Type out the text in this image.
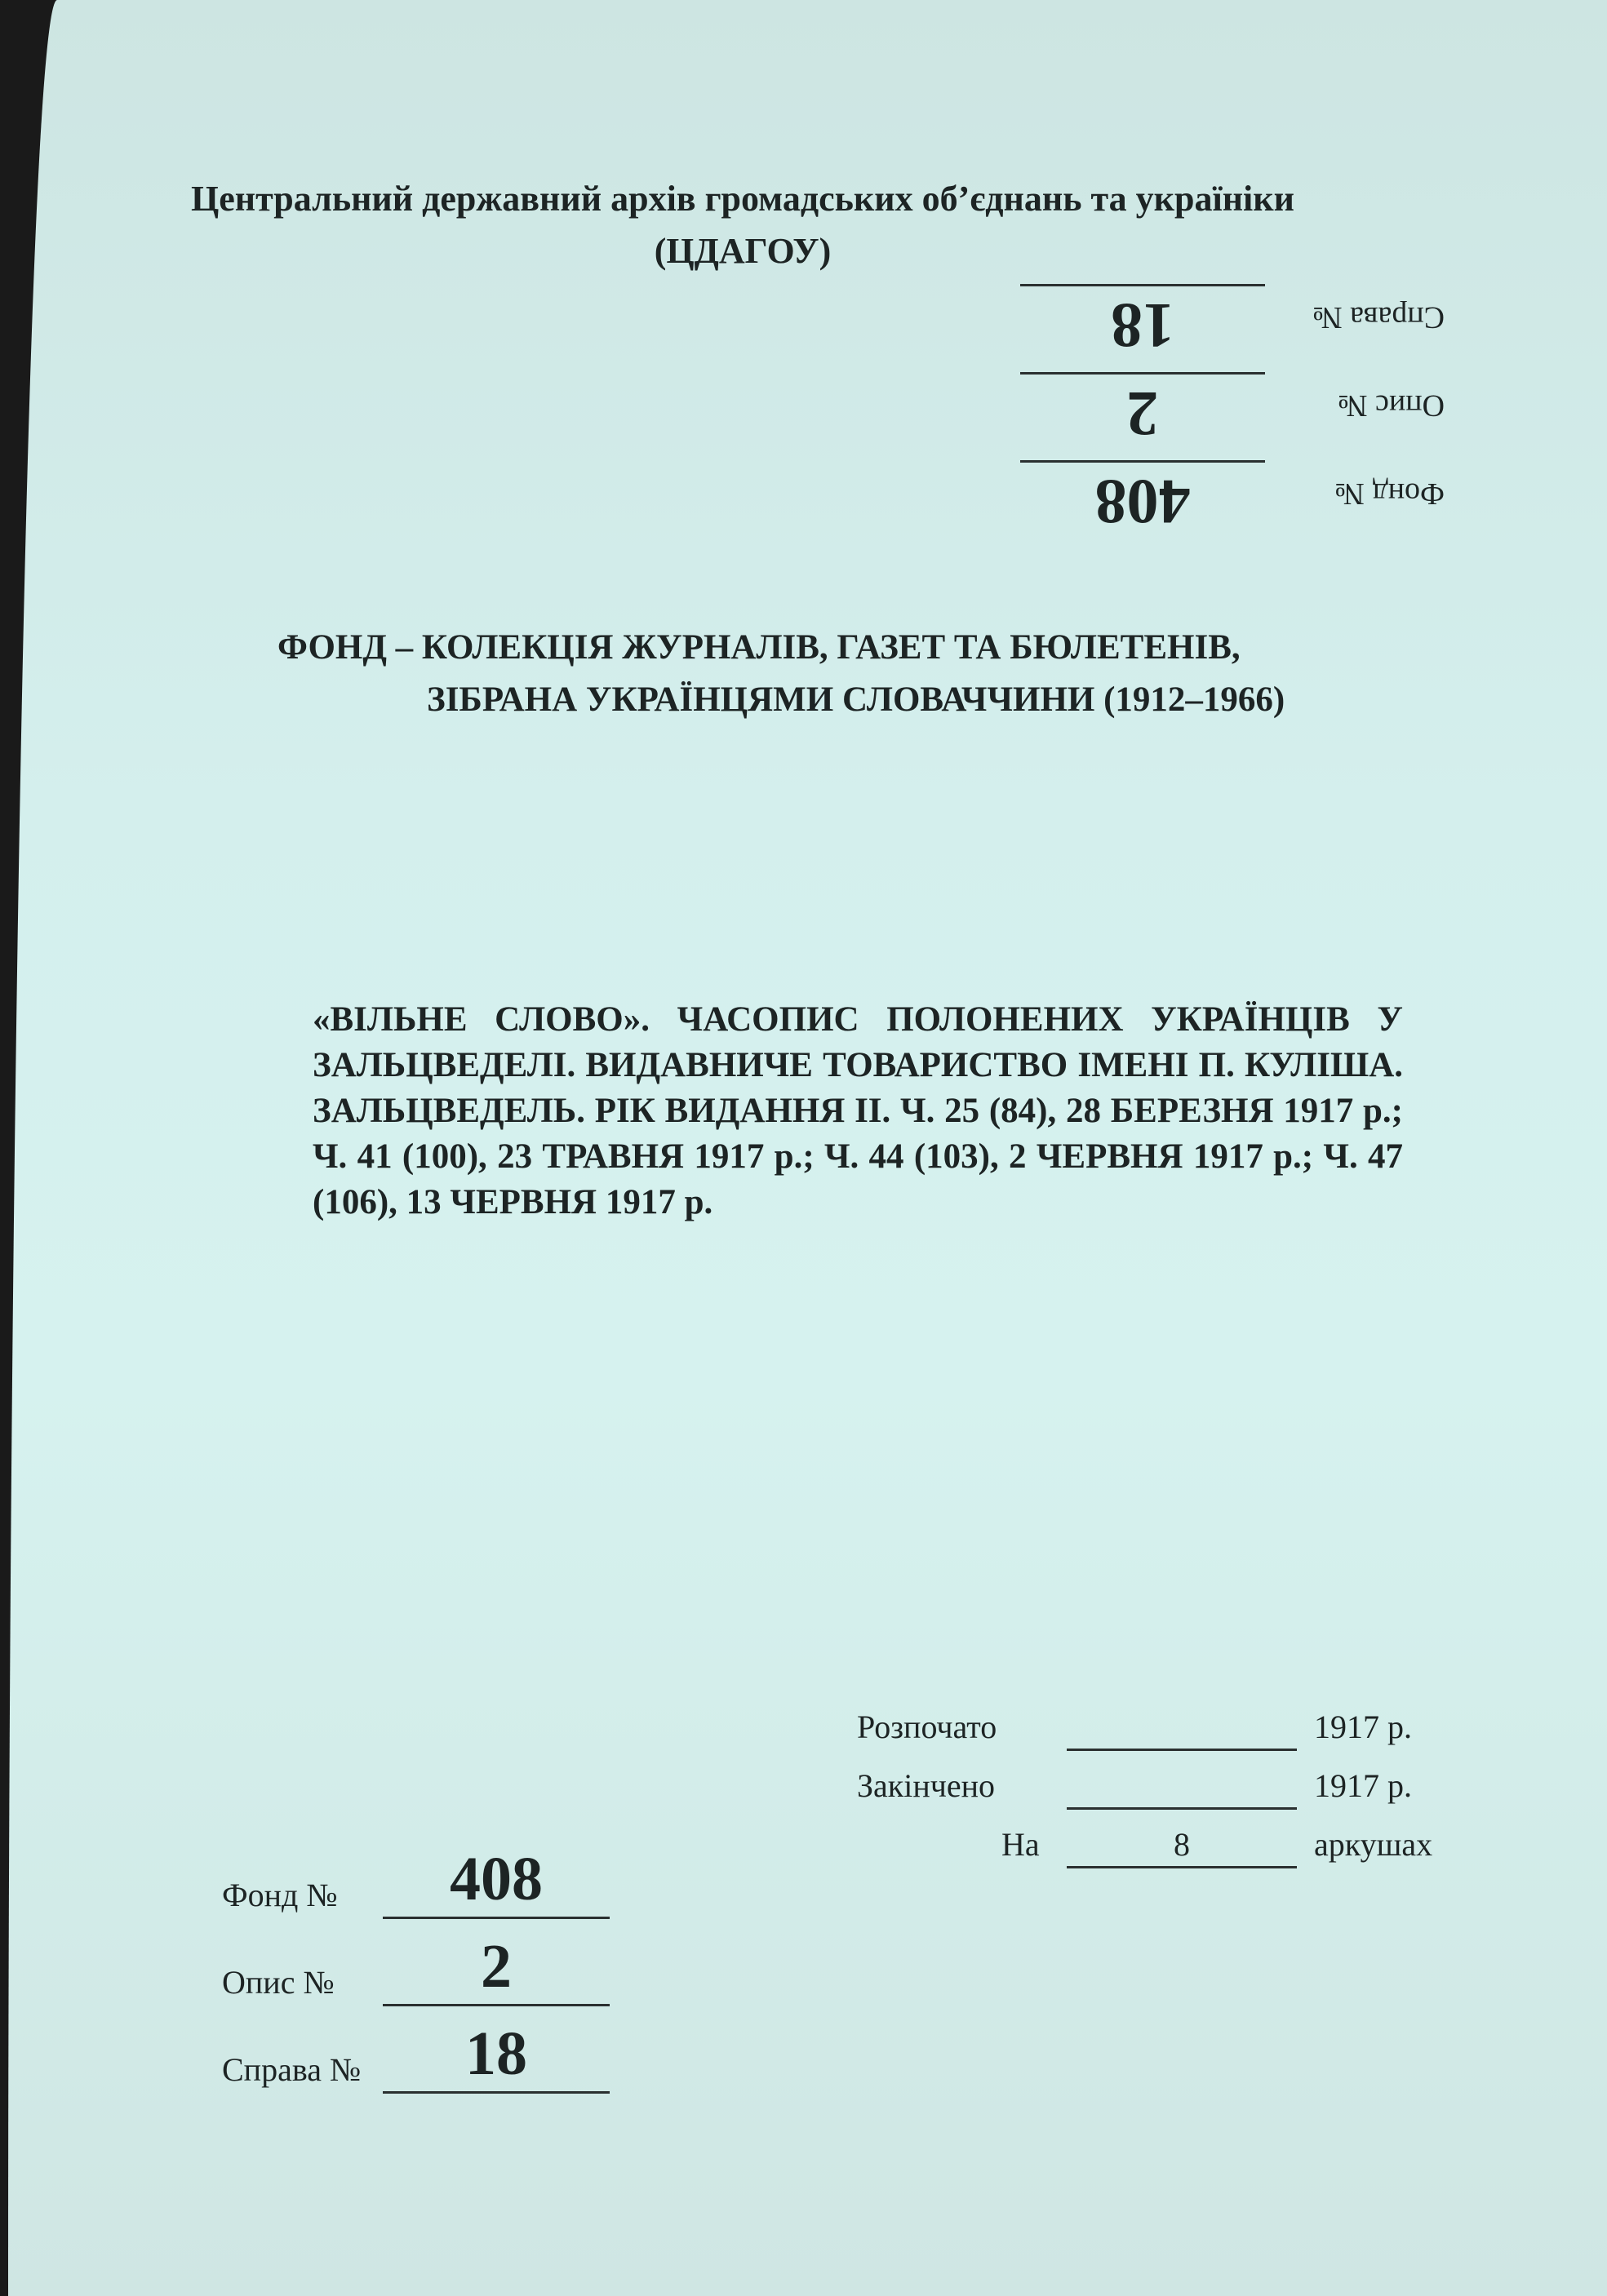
Центральний державний архів громадських об’єднань та україніки
(ЦДАГОУ)
Фонд №
408
Опис №
2
Справа №
18
ФОНД – КОЛЕКЦІЯ ЖУРНАЛІВ, ГАЗЕТ ТА БЮЛЕТЕНІВ,
ЗІБРАНА УКРАЇНЦЯМИ СЛОВАЧЧИНИ (1912–1966)
«ВІЛЬНЕ СЛОВО». ЧАСОПИС ПОЛОНЕНИХ УКРАЇНЦІВ У ЗАЛЬЦВЕДЕЛІ. ВИДАВНИЧЕ ТОВАРИСТВО ІМЕНІ П. КУЛІША. ЗАЛЬЦВЕДЕЛЬ. РІК ВИДАННЯ ІІ. Ч. 25 (84), 28 БЕРЕЗНЯ 1917 р.; Ч. 41 (100), 23 ТРАВНЯ 1917 р.; Ч. 44 (103), 2 ЧЕРВНЯ 1917 р.; Ч. 47 (106), 13 ЧЕРВНЯ 1917 р.
Розпочато	1917 р.
Закінчено	1917 р.
На	8	аркушах
Фонд №	408
Опис №	2
Справа №	18
